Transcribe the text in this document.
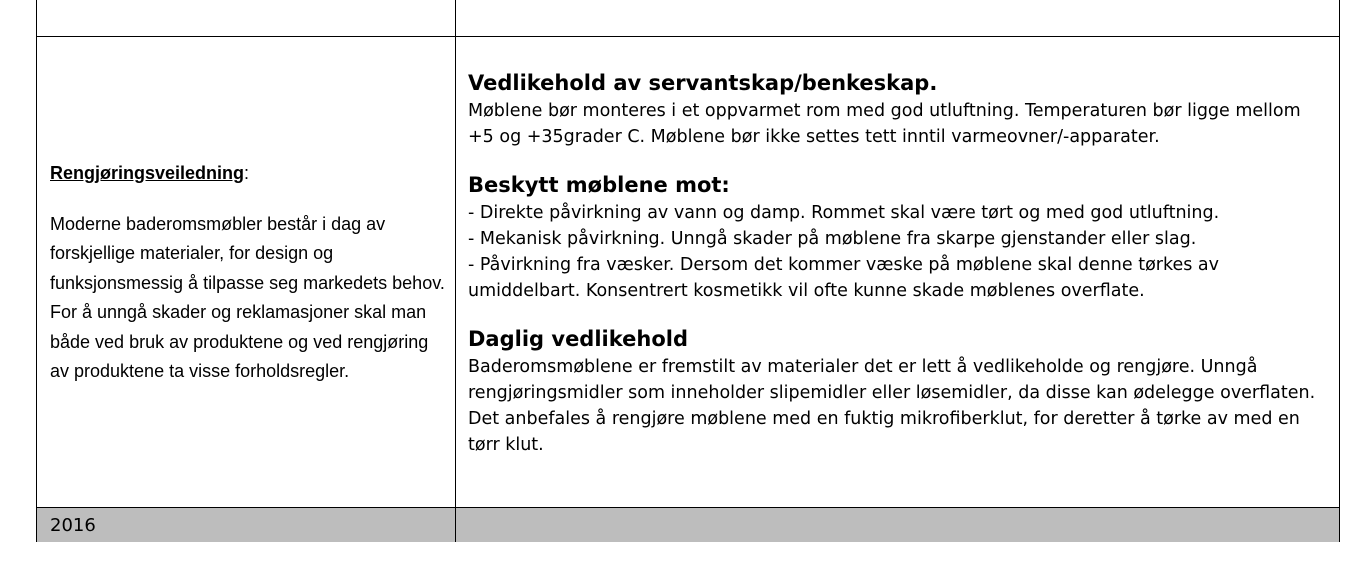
Rengjøringsveiledning:
Moderne baderomsmøbler består i dag av forskjellige materialer, for design og funksjonsmessig å tilpasse seg markedets behov. For å unngå skader og reklamasjoner skal man både ved bruk av produktene og ved rengjøring av produktene ta visse forholdsregler.
Vedlikehold av servantskap/benkeskap.
Møblene bør monteres i et oppvarmet rom med god utluftning. Temperaturen bør ligge mellom
+5 og +35grader C. Møblene bør ikke settes tett inntil varmeovner/-apparater.
Beskytt møblene mot:
- Direkte påvirkning av vann og damp. Rommet skal være tørt og med god utluftning.
- Mekanisk påvirkning. Unngå skader på møblene fra skarpe gjenstander eller slag.
- Påvirkning fra væsker. Dersom det kommer væske på møblene skal denne tørkes av
umiddelbart. Konsentrert kosmetikk vil ofte kunne skade møblenes overflate.
Daglig vedlikehold
Baderomsmøblene er fremstilt av materialer det er lett å vedlikeholde og rengjøre. Unngå
rengjøringsmidler som inneholder slipemidler eller løsemidler, da disse kan ødelegge overflaten.
Det anbefales å rengjøre møblene med en fuktig mikrofiberklut, for deretter å tørke av med en
tørr klut.
2016
